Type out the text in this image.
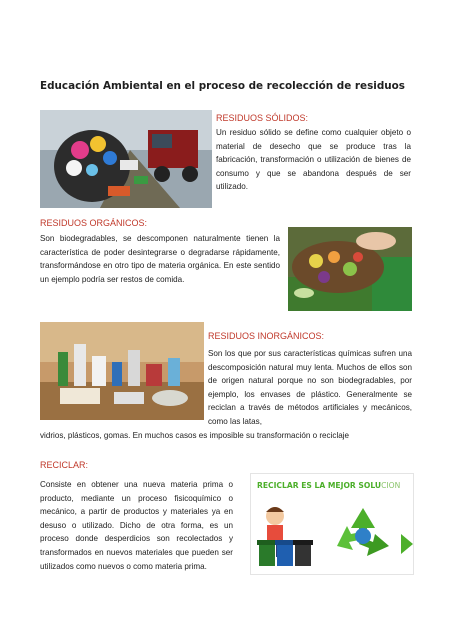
Educación Ambiental en el proceso de recolección de residuos
RESIDUOS SÓLIDOS:
Un residuo sólido se define como cualquier objeto o material de desecho que se produce tras la fabricación, transformación o utilización de bienes de consumo y que se abandona después de ser utilizado.
RESIDUOS ORGÁNICOS:
Son biodegradables, se descomponen naturalmente tienen la característica de poder desintegrarse o degradarse rápidamente, transformándose en otro tipo de materia orgánica. En este sentido un ejemplo podría ser restos de comida.
RESIDUOS INORGÁNICOS:
Son los que por sus características químicas sufren una descomposición natural muy lenta. Muchos de ellos son de origen natural porque no son biodegradables, por ejemplo, los envases de plástico. Generalmente se reciclan a través de métodos artificiales y mecánicos, como las latas,
vidrios, plásticos, gomas. En muchos casos es imposible su transformación o reciclaje
RECICLAR:
Consiste en obtener una nueva materia prima o producto, mediante un proceso fisicoquímico o mecánico, a partir de productos y materiales ya en desuso o utilizado. Dicho de otra forma, es un proceso donde desperdicios son recolectados y transformados en nuevos materiales que pueden ser utilizados como nuevos o como materia prima.
RECICLAR ES LA MEJOR SOLUCION
